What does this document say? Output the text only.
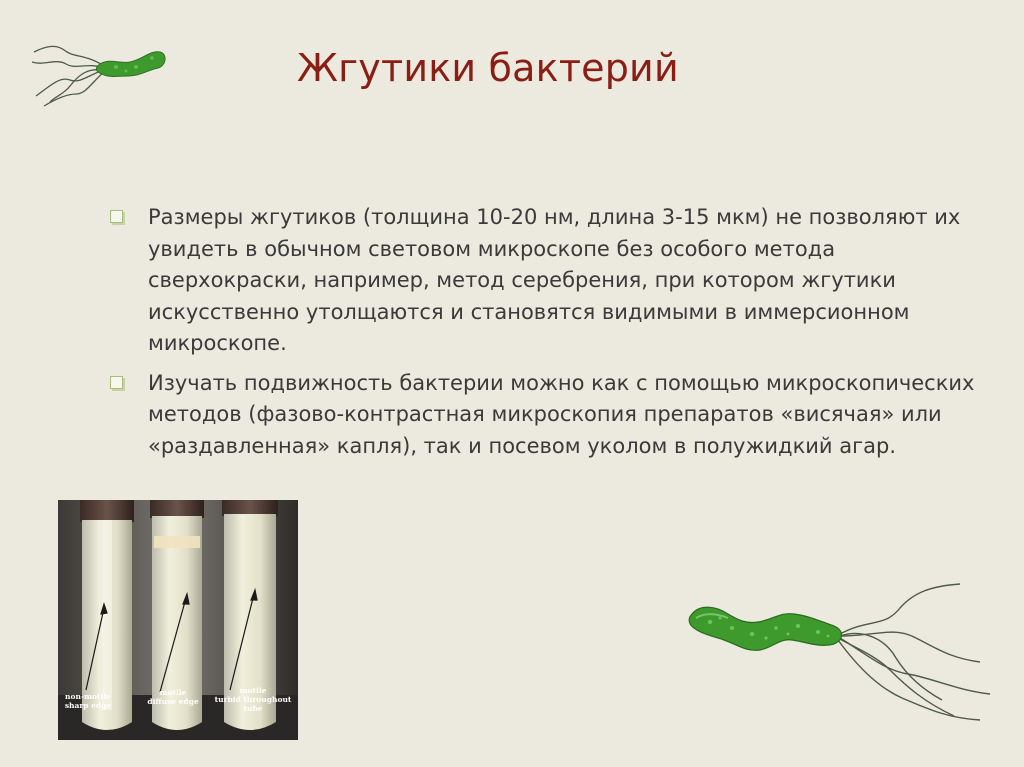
Жгутики бактерий
Размеры жгутиков (толщина 10-20 нм, длина 3-15 мкм) не позволяют их увидеть в обычном световом микроскопе без особого метода сверхокраски, например, метод серебрения, при котором жгутики искусственно утолщаются и становятся видимыми в иммерсионном микроскопе.
Изучать подвижность бактерии можно как с помощью микроскопических методов (фазово-контрастная микроскопия препаратов «висячая» или «раздавленная» капля), так и посевом уколом в полужидкий агар.
non-motile
sharp edge
motile
diffuse edge
motile
turbid throughout
tube
